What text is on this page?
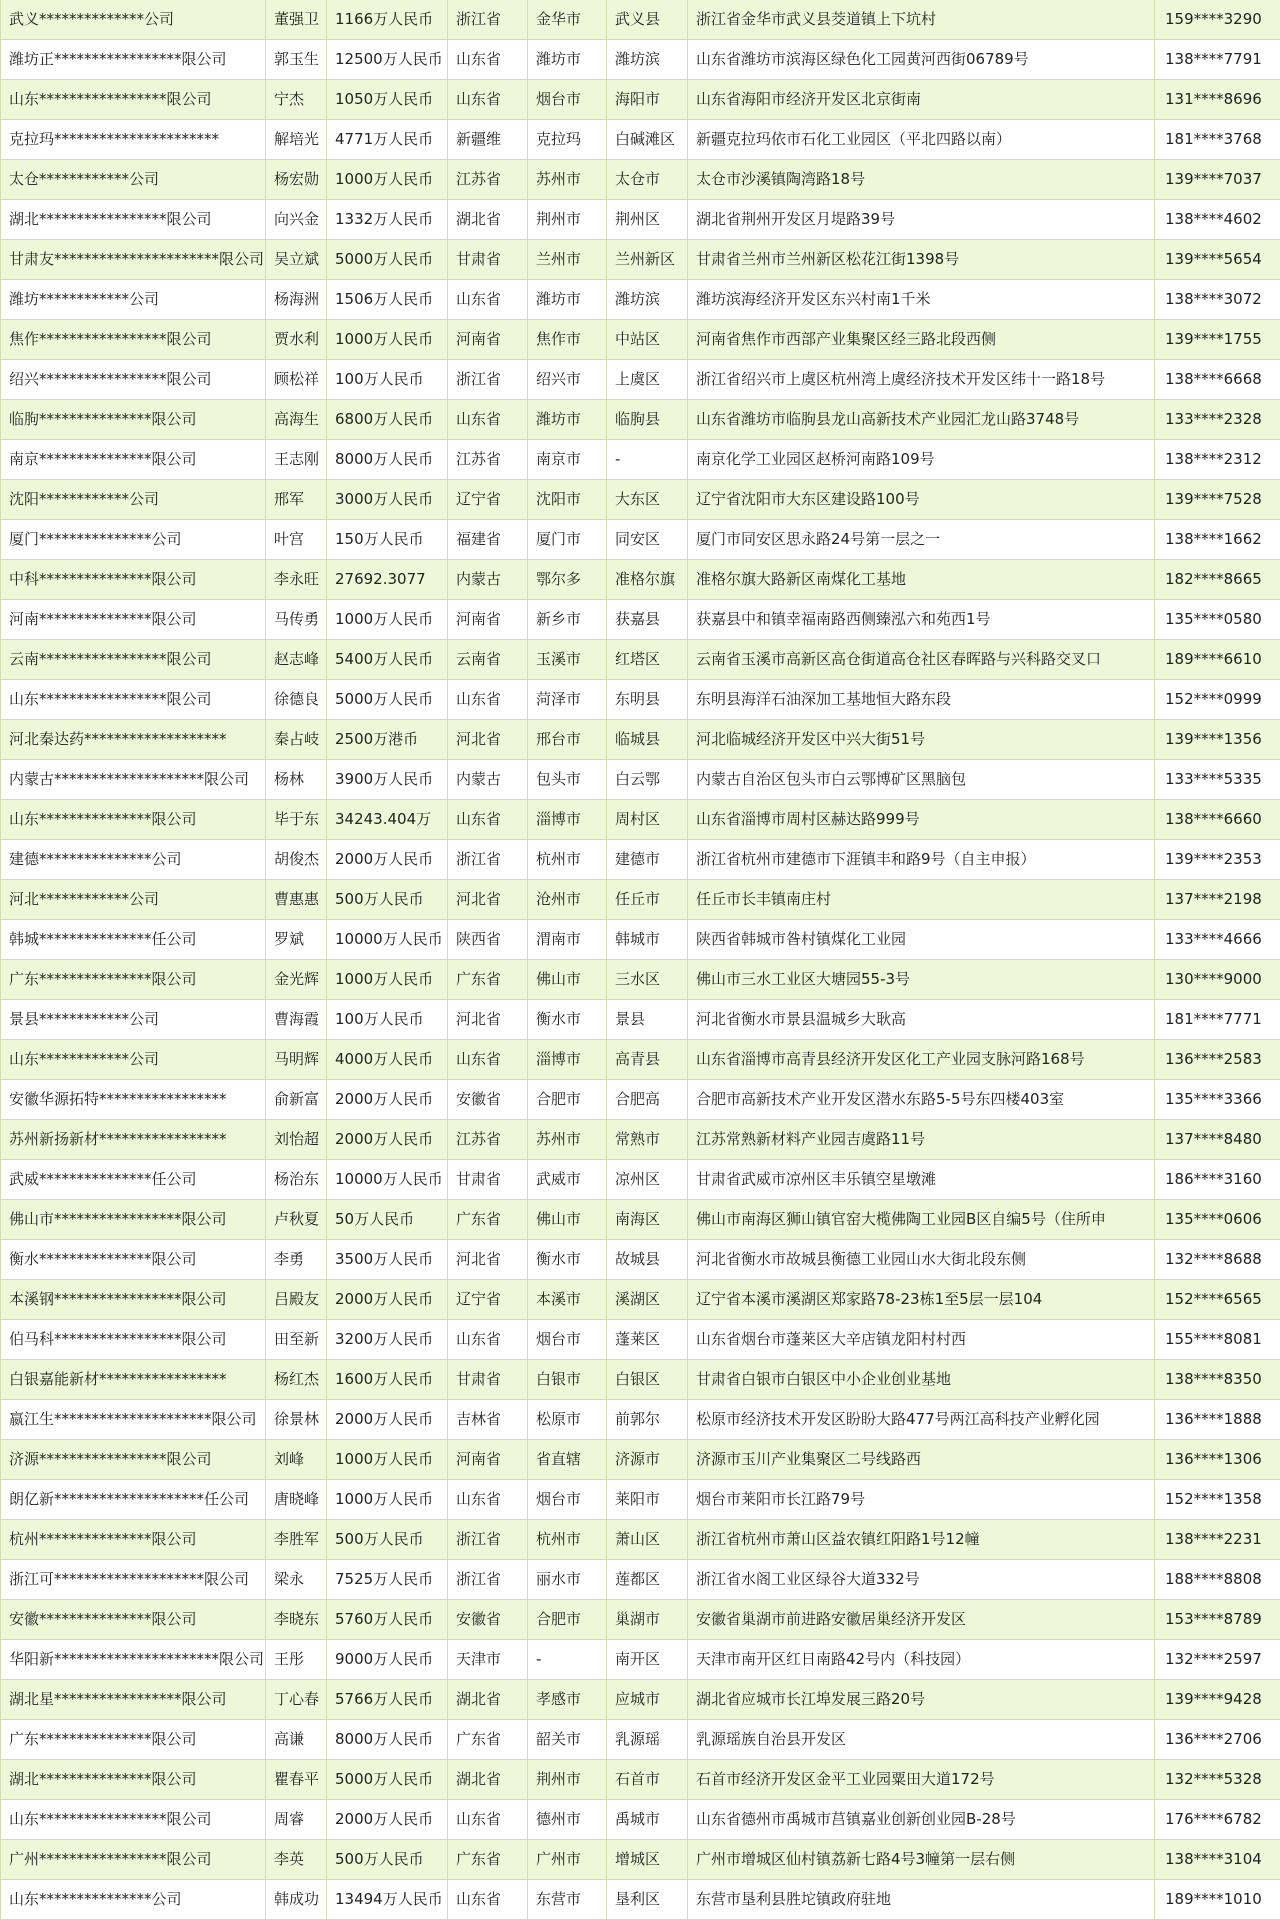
武义**************公司	董强卫	1166万人民币	浙江省	金华市	武义县	浙江省金华市武义县茭道镇上下坑村	159****3290
潍坊正*****************限公司	郭玉生	12500万人民币	山东省	潍坊市	潍坊滨	山东省潍坊市滨海区绿色化工园黄河西街06789号	138****7791
山东*****************限公司	宁杰	1050万人民币	山东省	烟台市	海阳市	山东省海阳市经济开发区北京街南	131****8696
克拉玛**********************	解培光	4771万人民币	新疆维	克拉玛	白碱滩区	新疆克拉玛依市石化工业园区（平北四路以南）	181****3768
太仓************公司	杨宏勋	1000万人民币	江苏省	苏州市	太仓市	太仓市沙溪镇陶湾路18号	139****7037
湖北*****************限公司	向兴金	1332万人民币	湖北省	荆州市	荆州区	湖北省荆州开发区月堤路39号	138****4602
甘肃友**********************限公司	吴立斌	5000万人民币	甘肃省	兰州市	兰州新区	甘肃省兰州市兰州新区松花江街1398号	139****5654
潍坊************公司	杨海洲	1506万人民币	山东省	潍坊市	潍坊滨	潍坊滨海经济开发区东兴村南1千米	138****3072
焦作*****************限公司	贾水利	1000万人民币	河南省	焦作市	中站区	河南省焦作市西部产业集聚区经三路北段西侧	139****1755
绍兴*****************限公司	顾松祥	100万人民币	浙江省	绍兴市	上虞区	浙江省绍兴市上虞区杭州湾上虞经济技术开发区纬十一路18号	138****6668
临朐***************限公司	高海生	6800万人民币	山东省	潍坊市	临朐县	山东省潍坊市临朐县龙山高新技术产业园汇龙山路3748号	133****2328
南京***************限公司	王志刚	8000万人民币	江苏省	南京市	-	南京化学工业园区赵桥河南路109号	138****2312
沈阳************公司	邢军	3000万人民币	辽宁省	沈阳市	大东区	辽宁省沈阳市大东区建设路100号	139****7528
厦门***************公司	叶宫	150万人民币	福建省	厦门市	同安区	厦门市同安区思永路24号第一层之一	138****1662
中科***************限公司	李永旺	27692.3077	内蒙古	鄂尔多	准格尔旗	准格尔旗大路新区南煤化工基地	182****8665
河南***************限公司	马传勇	1000万人民币	河南省	新乡市	获嘉县	获嘉县中和镇幸福南路西侧臻泓六和苑西1号	135****0580
云南*****************限公司	赵志峰	5400万人民币	云南省	玉溪市	红塔区	云南省玉溪市高新区高仓街道高仓社区春晖路与兴科路交叉口	189****6610
山东*****************限公司	徐德良	5000万人民币	山东省	菏泽市	东明县	东明县海洋石油深加工基地恒大路东段	152****0999
河北秦达药*******************	秦占岐	2500万港币	河北省	邢台市	临城县	河北临城经济开发区中兴大街51号	139****1356
内蒙古********************限公司	杨林	3900万人民币	内蒙古	包头市	白云鄂	内蒙古自治区包头市白云鄂博矿区黑脑包	133****5335
山东***************限公司	毕于东	34243.404万	山东省	淄博市	周村区	山东省淄博市周村区赫达路999号	138****6660
建德***************公司	胡俊杰	2000万人民币	浙江省	杭州市	建德市	浙江省杭州市建德市下涯镇丰和路9号（自主申报）	139****2353
河北************公司	曹惠惠	500万人民币	河北省	沧州市	任丘市	任丘市长丰镇南庄村	137****2198
韩城***************任公司	罗斌	10000万人民币	陕西省	渭南市	韩城市	陕西省韩城市昝村镇煤化工业园	133****4666
广东***************限公司	金光辉	1000万人民币	广东省	佛山市	三水区	佛山市三水工业区大塘园55-3号	130****9000
景县************公司	曹海霞	100万人民币	河北省	衡水市	景县	河北省衡水市景县温城乡大耿高	181****7771
山东************公司	马明辉	4000万人民币	山东省	淄博市	高青县	山东省淄博市高青县经济开发区化工产业园支脉河路168号	136****2583
安徽华源拓特*****************	俞新富	2000万人民币	安徽省	合肥市	合肥高	合肥市高新技术产业开发区潜水东路5-5号东四楼403室	135****3366
苏州新扬新材*****************	刘怡超	2000万人民币	江苏省	苏州市	常熟市	江苏常熟新材料产业园吉虞路11号	137****8480
武威***************任公司	杨治东	10000万人民币	甘肃省	武威市	凉州区	甘肃省武威市凉州区丰乐镇空星墩滩	186****3160
佛山市*****************限公司	卢秋夏	50万人民币	广东省	佛山市	南海区	佛山市南海区狮山镇官窑大榄佛陶工业园B区自编5号（住所申	135****0606
衡水***************限公司	李勇	3500万人民币	河北省	衡水市	故城县	河北省衡水市故城县衡德工业园山水大街北段东侧	132****8688
本溪钢*****************限公司	吕殿友	2000万人民币	辽宁省	本溪市	溪湖区	辽宁省本溪市溪湖区郑家路78-23栋1至5层一层104	152****6565
伯马科*****************限公司	田至新	3200万人民币	山东省	烟台市	蓬莱区	山东省烟台市蓬莱区大辛店镇龙阳村村西	155****8081
白银嘉能新材*****************	杨红杰	1600万人民币	甘肃省	白银市	白银区	甘肃省白银市白银区中小企业创业基地	138****8350
嬴江生*********************限公司	徐景林	2000万人民币	吉林省	松原市	前郭尔	松原市经济技术开发区盼盼大路477号两江高科技产业孵化园	136****1888
济源*****************限公司	刘峰	1000万人民币	河南省	省直辖	济源市	济源市玉川产业集聚区二号线路西	136****1306
朗亿新********************任公司	唐晓峰	1000万人民币	山东省	烟台市	莱阳市	烟台市莱阳市长江路79号	152****1358
杭州***************限公司	李胜军	500万人民币	浙江省	杭州市	萧山区	浙江省杭州市萧山区益农镇红阳路1号12幢	138****2231
浙江可********************限公司	梁永	7525万人民币	浙江省	丽水市	莲都区	浙江省水阁工业区绿谷大道332号	188****8808
安徽***************限公司	李晓东	5760万人民币	安徽省	合肥市	巢湖市	安徽省巢湖市前进路安徽居巢经济开发区	153****8789
华阳新**********************限公司	王彤	9000万人民币	天津市	-	南开区	天津市南开区红日南路42号内（科技园）	132****2597
湖北星*****************限公司	丁心春	5766万人民币	湖北省	孝感市	应城市	湖北省应城市长江埠发展三路20号	139****9428
广东***************限公司	高谦	8000万人民币	广东省	韶关市	乳源瑶	乳源瑶族自治县开发区	136****2706
湖北***************限公司	瞿春平	5000万人民币	湖北省	荆州市	石首市	石首市经济开发区金平工业园粟田大道172号	132****5328
山东*****************限公司	周睿	2000万人民币	山东省	德州市	禹城市	山东省德州市禹城市莒镇嘉业创新创业园B-28号	176****6782
广州*****************限公司	李英	500万人民币	广东省	广州市	增城区	广州市增城区仙村镇荔新七路4号3幢第一层右侧	138****3104
山东***************公司	韩成功	13494万人民币	山东省	东营市	垦利区	东营市垦利县胜坨镇政府驻地	189****1010
